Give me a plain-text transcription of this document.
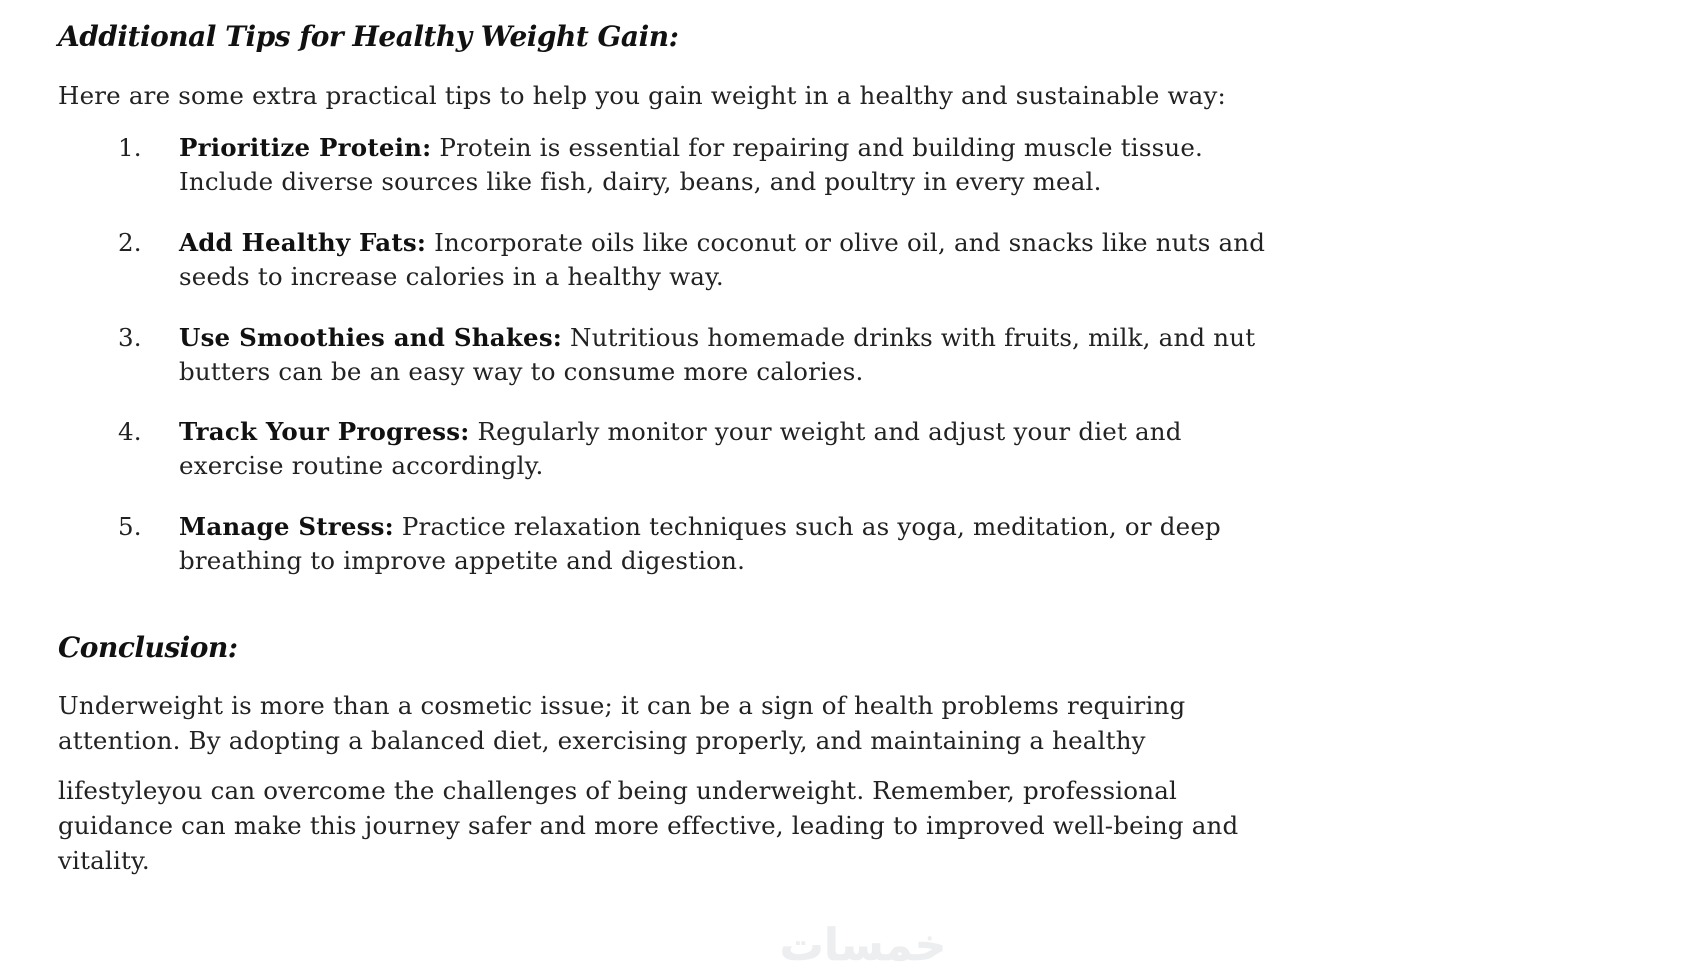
Additional Tips for Healthy Weight Gain:
Here are some extra practical tips to help you gain weight in a healthy and sustainable way:
1.	Prioritize Protein: Protein is essential for repairing and building muscle tissue.
Include diverse sources like fish, dairy, beans, and poultry in every meal.
2.	Add Healthy Fats: Incorporate oils like coconut or olive oil, and snacks like nuts and
seeds to increase calories in a healthy way.
3.	Use Smoothies and Shakes: Nutritious homemade drinks with fruits, milk, and nut
butters can be an easy way to consume more calories.
4.	Track Your Progress: Regularly monitor your weight and adjust your diet and
exercise routine accordingly.
5.	Manage Stress: Practice relaxation techniques such as yoga, meditation, or deep
breathing to improve appetite and digestion.
Conclusion:
Underweight is more than a cosmetic issue; it can be a sign of health problems requiring
attention. By adopting a balanced diet, exercising properly, and maintaining a healthy
lifestyleyou can overcome the challenges of being underweight. Remember, professional
guidance can make this journey safer and more effective, leading to improved well-being and
vitality.
خمسات
